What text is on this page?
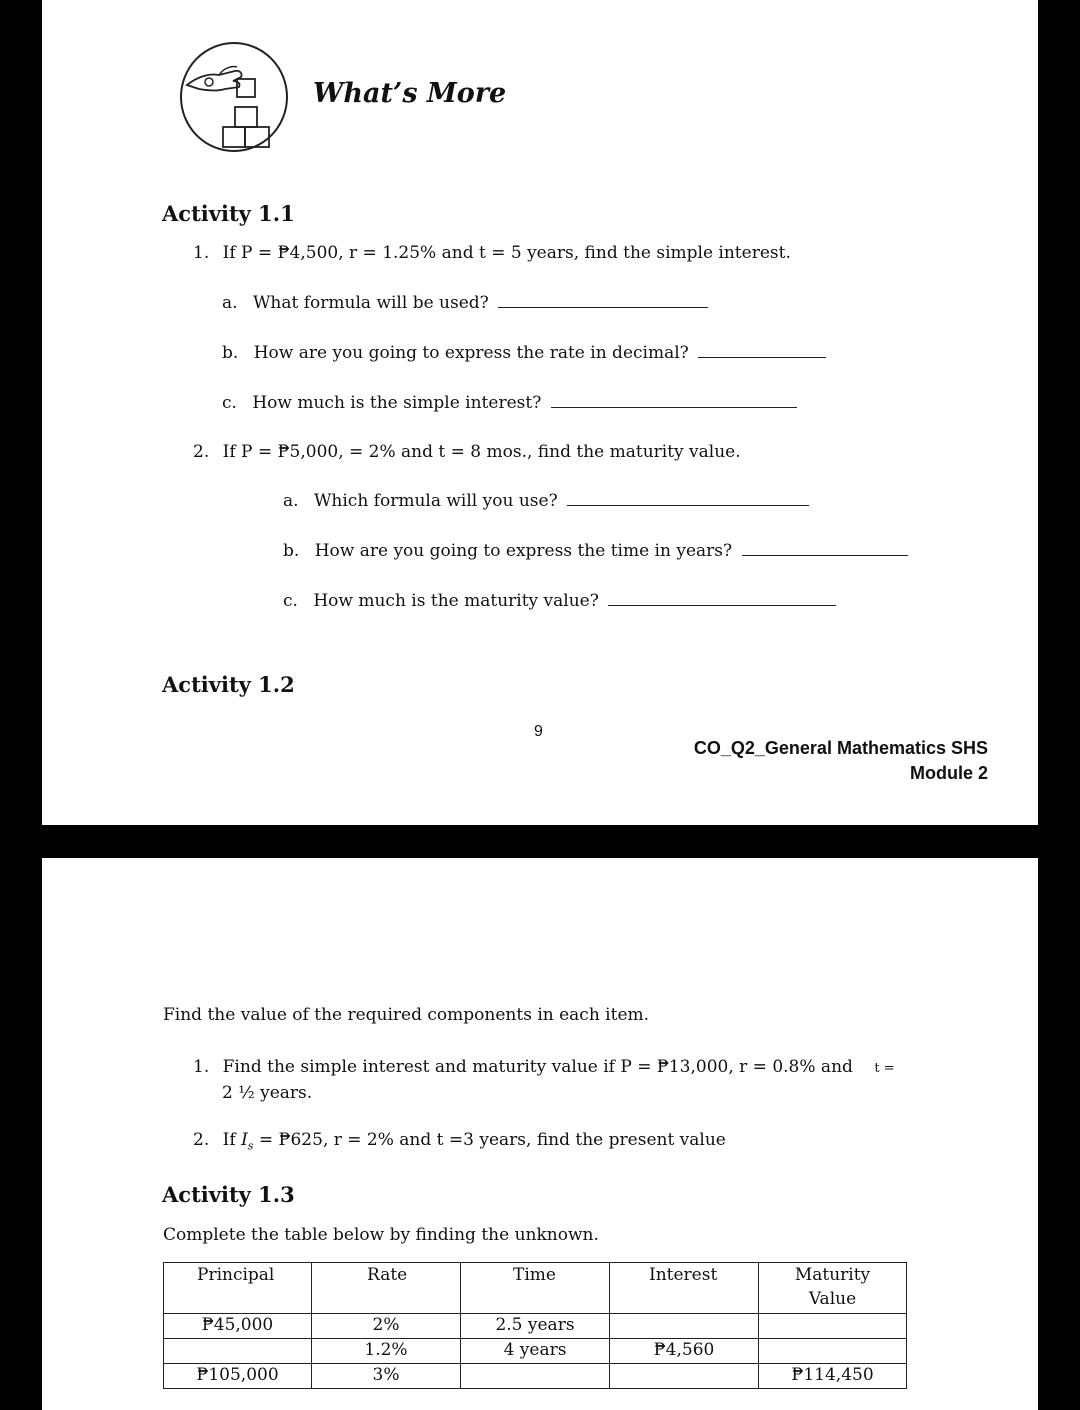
What’s More
Activity 1.1
1. If P = ₱4,500, r = 1.25% and t = 5 years, find the simple interest.
a. What formula will be used?
b. How are you going to express the rate in decimal?
c. How much is the simple interest?
2. If P = ₱5,000, = 2% and t = 8 mos., find the maturity value.
a. Which formula will you use?
b. How are you going to express the time in years?
c. How much is the maturity value?
Activity 1.2
9
CO_Q2_General Mathematics SHS
Module 2
Find the value of the required components in each item.
1. Find the simple interest and maturity value if P = ₱13,000, r = 0.8% and t =
2 ½ years.
2. If $I_s$ = ₱625, r = 2% and t =3 years, find the present value
Activity 1.3
Complete the table below by finding the unknown.
Principal	Rate	Time	Interest	Maturity Value

₱45,000	2%	2.5 years		
	1.2%	4 years	₱4,560	
₱105,000	3%			₱114,450
